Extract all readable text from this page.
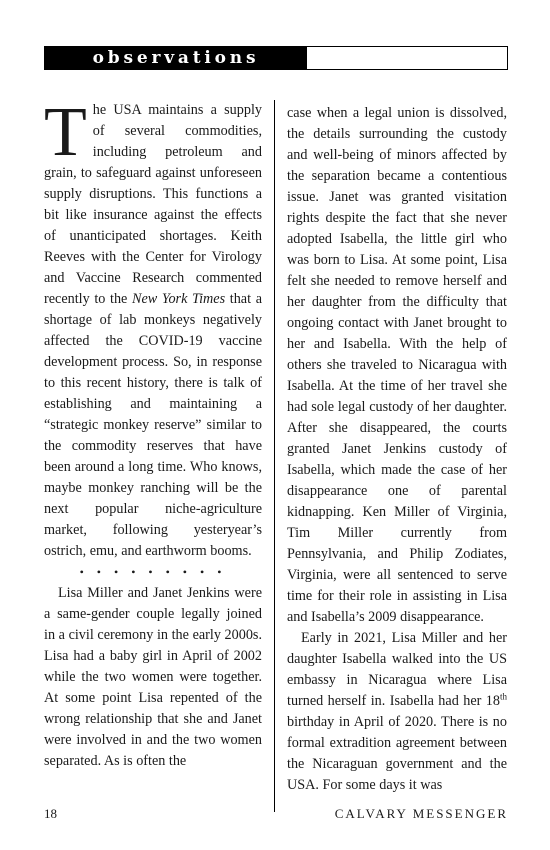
observations

The USA maintains a supply of several commodities, including petroleum and grain, to safeguard against unforeseen supply disruptions. This functions a bit like insurance against the effects of unanticipated shortages. Keith Reeves with the Center for Virology and Vaccine Research commented recently to the New York Times that a shortage of lab monkeys negatively affected the COVID-19 vaccine development process. So, in response to this recent history, there is talk of establishing and maintaining a “strategic monkey reserve” similar to the commodity reserves that have been around a long time. Who knows, maybe monkey ranching will be the next popular niche-agriculture market, following yesteryear’s ostrich, emu, and earthworm booms.

• • • • • • • • •

Lisa Miller and Janet Jenkins were a same-gender couple legally joined in a civil ceremony in the early 2000s. Lisa had a baby girl in April of 2002 while the two women were together. At some point Lisa repented of the wrong relationship that she and Janet were involved in and the two women separated. As is often the

case when a legal union is dissolved, the details surrounding the custody and well-being of minors affected by the separation became a contentious issue. Janet was granted visitation rights despite the fact that she never adopted Isabella, the little girl who was born to Lisa. At some point, Lisa felt she needed to remove herself and her daughter from the difficulty that ongoing contact with Janet brought to her and Isabella. With the help of others she traveled to Nicaragua with Isabella. At the time of her travel she had sole legal custody of her daughter. After she disappeared, the courts granted Janet Jenkins custody of Isabella, which made the case of her disappearance one of parental kidnapping. Ken Miller of Virginia, Tim Miller currently from Pennsylvania, and Philip Zodiates, Virginia, were all sentenced to serve time for their role in assisting in Lisa and Isabella’s 2009 disappearance.

Early in 2021, Lisa Miller and her daughter Isabella walked into the US embassy in Nicaragua where Lisa turned herself in. Isabella had her 18th birthday in April of 2020. There is no formal extradition agreement between the Nicaraguan government and the USA. For some days it was

18	CALVARY MESSENGER
